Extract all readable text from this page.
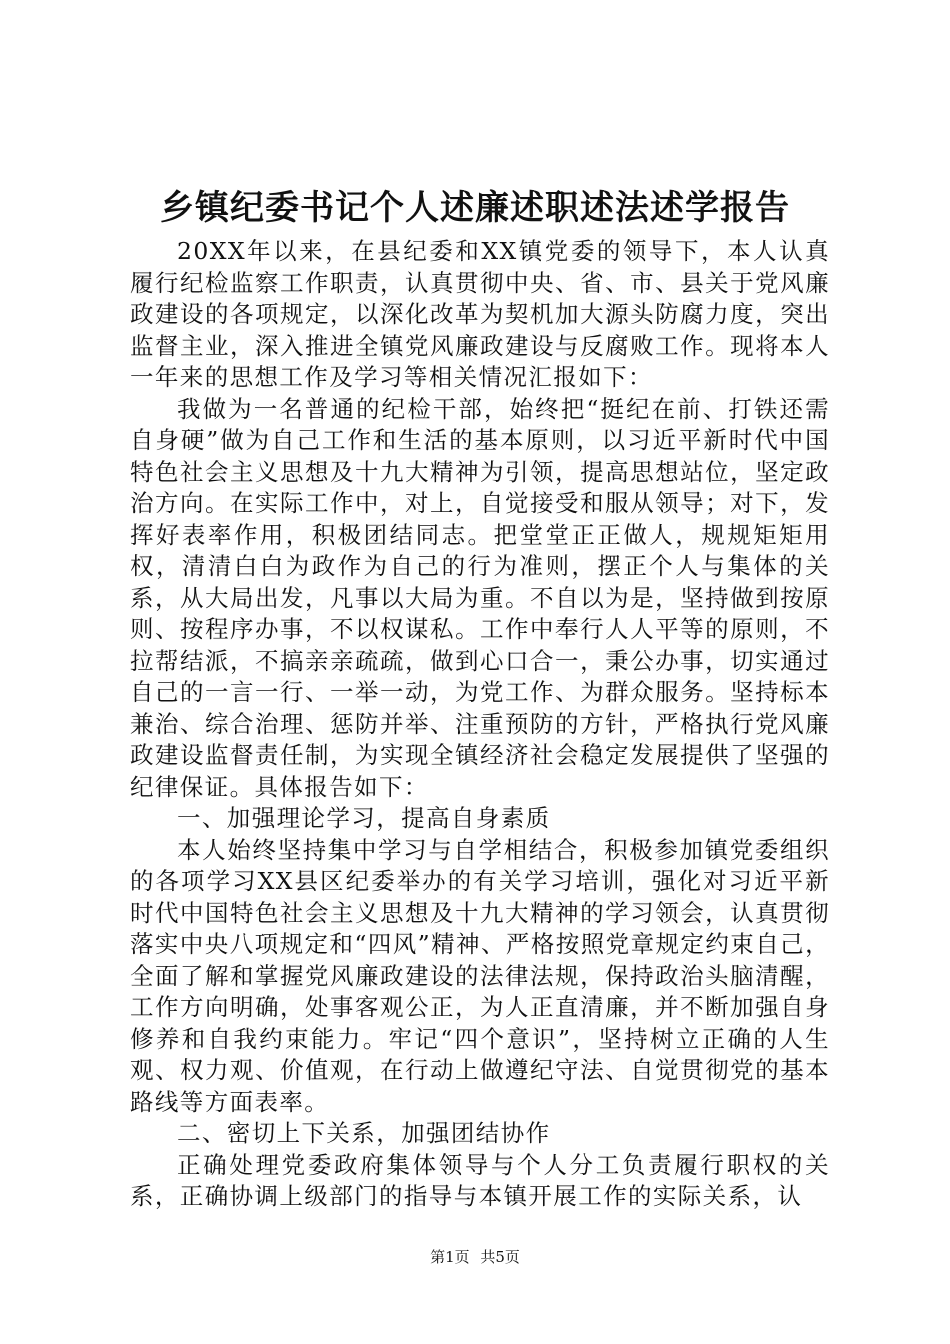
乡镇纪委书记个人述廉述职述法述学报告

20XX年以来，在县纪委和XX镇党委的领导下，本人认真履行纪检监察工作职责，认真贯彻中央、省、市、县关于党风廉政建设的各项规定，以深化改革为契机加大源头防腐力度，突出监督主业，深入推进全镇党风廉政建设与反腐败工作。现将本人一年来的思想工作及学习等相关情况汇报如下：

我做为一名普通的纪检干部，始终把“挺纪在前、打铁还需自身硬”做为自己工作和生活的基本原则，以习近平新时代中国特色社会主义思想及十九大精神为引领，提高思想站位，坚定政治方向。在实际工作中，对上，自觉接受和服从领导；对下，发挥好表率作用，积极团结同志。把堂堂正正做人，规规矩矩用权，清清白白为政作为自己的行为准则，摆正个人与集体的关系，从大局出发，凡事以大局为重。不自以为是，坚持做到按原则、按程序办事，不以权谋私。工作中奉行人人平等的原则，不拉帮结派，不搞亲亲疏疏，做到心口合一，秉公办事，切实通过自己的一言一行、一举一动，为党工作、为群众服务。坚持标本兼治、综合治理、惩防并举、注重预防的方针，严格执行党风廉政建设监督责任制，为实现全镇经济社会稳定发展提供了坚强的纪律保证。具体报告如下：

一、加强理论学习，提高自身素质

本人始终坚持集中学习与自学相结合，积极参加镇党委组织的各项学习XX县区纪委举办的有关学习培训，强化对习近平新时代中国特色社会主义思想及十九大精神的学习领会，认真贯彻落实中央八项规定和“四风”精神、严格按照党章规定约束自己，全面了解和掌握党风廉政建设的法律法规，保持政治头脑清醒，工作方向明确，处事客观公正，为人正直清廉，并不断加强自身修养和自我约束能力。牢记“四个意识”，坚持树立正确的人生观、权力观、价值观，在行动上做遵纪守法、自觉贯彻党的基本路线等方面表率。

二、密切上下关系，加强团结协作

正确处理党委政府集体领导与个人分工负责履行职权的关系，正确协调上级部门的指导与本镇开展工作的实际关系，认

第1页 共5页
